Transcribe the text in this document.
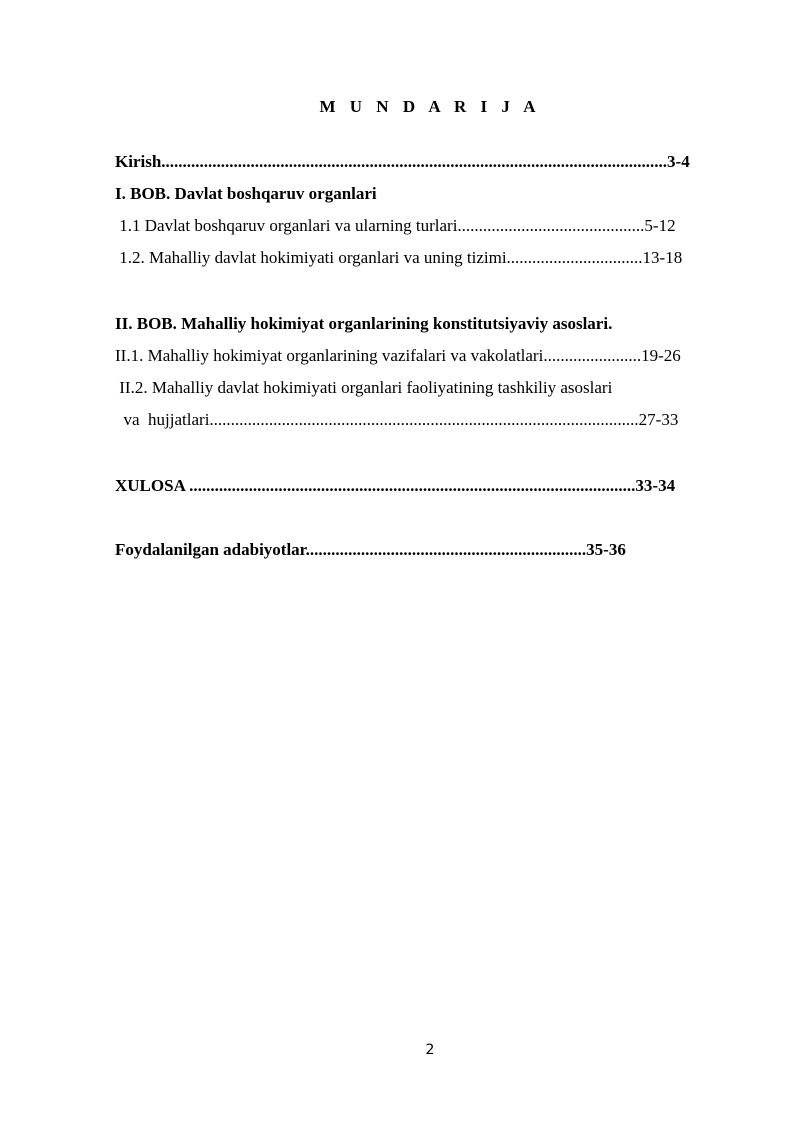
M U N D A R I J A
Kirish.......................................................................................................................3-4
I. BOB. Davlat boshqaruv organlari
1.1 Davlat boshqaruv organlari va ularning turlari............................................5-12
1.2. Mahalliy davlat hokimiyati organlari va uning tizimi................................13-18
II. BOB. Mahalliy hokimiyat organlarining konstitutsiyaviy asoslari.
II.1. Mahalliy hokimiyat organlarining vazifalari va vakolatlari.......................19-26
II.2. Mahalliy davlat hokimiyati organlari faoliyatining tashkiliy asoslari
va  hujjatlari.....................................................................................................27-33
XULOSA .........................................................................................................33-34
Foydalanilgan adabiyotlar..................................................................35-36
2
